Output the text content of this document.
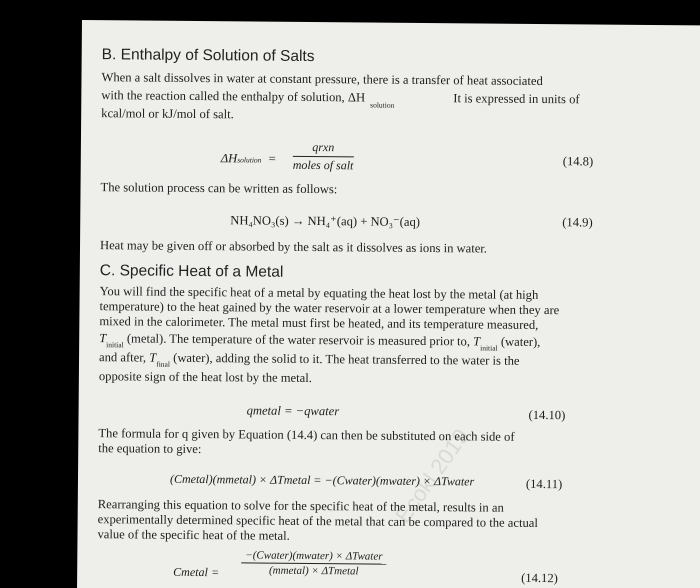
B. Enthalpy of Solution of Salts
When a salt dissolves in water at constant pressure, there is a transfer of heat associated
with the reaction called the enthalpy of solution, ΔH $_{solution}$	It is expressed in units of
kcal/mol or kJ/mol of salt.
ΔHsolution =
qrxn
moles of salt	(14.8)
The solution process can be written as follows:
NH₄NO₃(s) → NH₄⁺(aq) + NO₃⁻(aq)	(14.9)
Heat may be given off or absorbed by the salt as it dissolves as ions in water.
C. Specific Heat of a Metal
You will find the specific heat of a metal by equating the heat lost by the metal (at high
temperature) to the heat gained by the water reservoir at a lower temperature when they are
mixed in the calorimeter. The metal must first be heated, and its temperature measured,
$T_{initial}$ (metal). The temperature of the water reservoir is measured prior to, $T_{initial}$ (water),
and after, $T_{final}$ (water), adding the solid to it. The heat transferred to the water is the
opposite sign of the heat lost by the metal.
qmetal = −qwater	(14.10)
The formula for q given by Equation (14.4) can then be substituted on each side of
the equation to give:
(Cmetal)(mmetal) × ΔTmetal = −(Cwater)(mwater) × ΔTwater	(14.11)
Rearranging this equation to solve for the specific heat of the metal, results in an
experimentally determined specific heat of the metal that can be compared to the actual
value of the specific heat of the metal.
Cmetal =
−(Cwater)(mwater) × ΔTwater
(mmetal) × ΔTmetal	(14.12)
Ecokl 2019
